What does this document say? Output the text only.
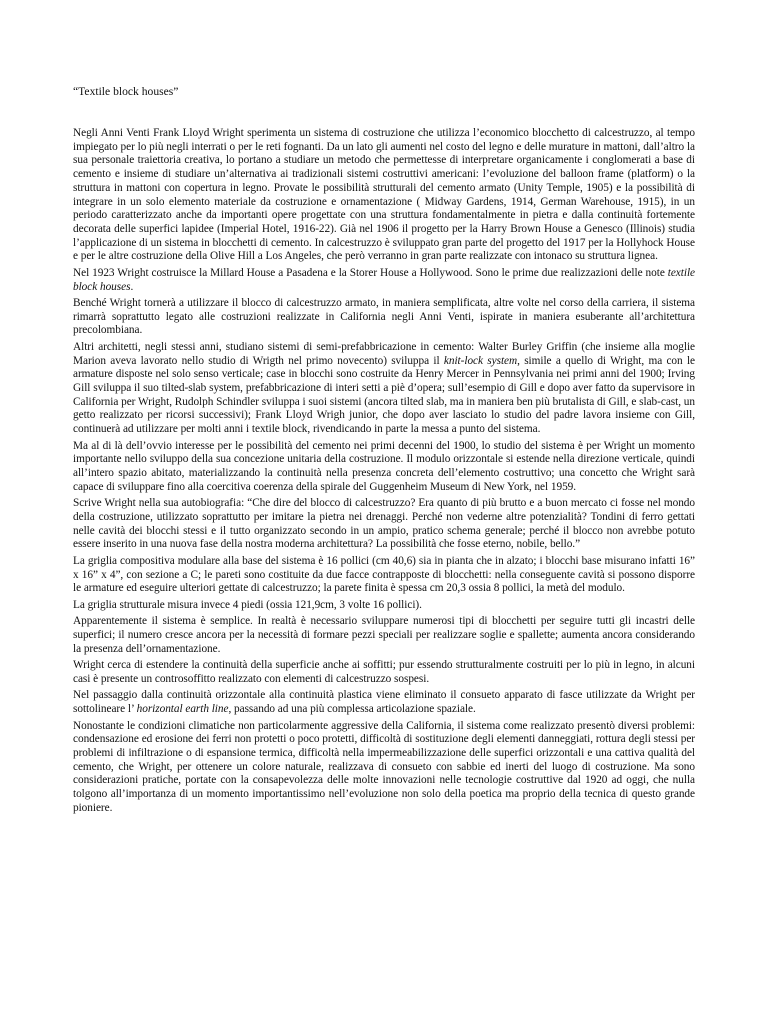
“Textile block houses”

Negli Anni Venti Frank Lloyd Wright sperimenta un sistema di costruzione che utilizza l’economico blocchetto di calcestruzzo, al tempo impiegato per lo più negli interrati o per le reti fognanti. Da un lato gli aumenti nel costo del legno e delle murature in mattoni, dall’altro la sua personale traiettoria creativa, lo portano a studiare un metodo che permettesse di interpretare organicamente i conglomerati a base di cemento e insieme di studiare un’alternativa ai tradizionali sistemi costruttivi americani: l’evoluzione del balloon frame (platform) o la struttura in mattoni con copertura in legno. Provate le possibilità strutturali del cemento armato (Unity Temple, 1905) e la possibilità di integrare in un solo elemento materiale da costruzione e ornamentazione ( Midway Gardens, 1914, German Warehouse, 1915), in un periodo caratterizzato anche da importanti opere progettate con una struttura fondamentalmente in pietra e dalla continuità fortemente decorata delle superfici lapidee (Imperial Hotel, 1916-22). Già nel 1906 il progetto per la Harry Brown House a Genesco (Illinois) studia l’applicazione di un sistema in blocchetti di cemento. In calcestruzzo è sviluppato gran parte del progetto del 1917 per la Hollyhock House e per le altre costruzione della Olive Hill a Los Angeles, che però verranno in gran parte realizzate con intonaco su struttura lignea.

Nel 1923 Wright costruisce la Millard House a Pasadena e la Storer House a Hollywood. Sono le prime due realizzazioni delle note textile block houses.

Benché Wright tornerà a utilizzare il blocco di calcestruzzo armato, in maniera semplificata, altre volte nel corso della carriera, il sistema rimarrà soprattutto legato alle costruzioni realizzate in California negli Anni Venti, ispirate in maniera esuberante all’architettura precolombiana.

Altri architetti, negli stessi anni, studiano sistemi di semi-prefabbricazione in cemento: Walter Burley Griffin (che insieme alla moglie Marion aveva lavorato nello studio di Wrigth nel primo novecento) sviluppa il knit-lock system, simile a quello di Wright, ma con le armature disposte nel solo senso verticale; case in blocchi sono costruite da Henry Mercer in Pennsylvania nei primi anni del 1900; Irving Gill sviluppa il suo tilted-slab system, prefabbricazione di interi setti a piè d’opera; sull’esempio di Gill e dopo aver fatto da supervisore in California per Wright, Rudolph Schindler sviluppa i suoi sistemi (ancora tilted slab, ma in maniera ben più brutalista di Gill, e slab-cast, un getto realizzato per ricorsi successivi); Frank Lloyd Wrigh junior, che dopo aver lasciato lo studio del padre lavora insieme con Gill, continuerà ad utilizzare per molti anni i textile block, rivendicando in parte la messa a punto del sistema.

Ma al di là dell’ovvio interesse per le possibilità del cemento nei primi decenni del 1900, lo studio del sistema è per Wright un momento importante nello sviluppo della sua concezione unitaria della costruzione. Il modulo orizzontale si estende nella direzione verticale, quindi all’intero spazio abitato, materializzando la continuità nella presenza concreta dell’elemento costruttivo; una concetto che Wright sarà capace di sviluppare fino alla coercitiva coerenza della spirale del Guggenheim Museum di New York, nel 1959.

Scrive Wright nella sua autobiografia: “Che dire del blocco di calcestruzzo? Era quanto di più brutto e a buon mercato ci fosse nel mondo della costruzione, utilizzato soprattutto per imitare la pietra nei drenaggi. Perché non vederne altre potenzialità? Tondini di ferro gettati nelle cavità dei blocchi stessi e il tutto organizzato secondo in un ampio, pratico schema generale; perché il blocco non avrebbe potuto essere inserito in una nuova fase della nostra moderna architettura? La possibilità che fosse eterno, nobile, bello.”

La griglia compositiva modulare alla base del sistema è 16 pollici (cm 40,6) sia in pianta che in alzato; i blocchi base misurano infatti 16” x 16” x 4”, con sezione a C; le pareti sono costituite da due facce contrapposte di blocchetti: nella conseguente cavità si possono disporre le armature ed eseguire ulteriori gettate di calcestruzzo; la parete finita è spessa cm 20,3 ossia 8 pollici, la metà del modulo.

La griglia strutturale misura invece 4 piedi (ossia 121,9cm, 3 volte 16 pollici).

Apparentemente il sistema è semplice. In realtà è necessario sviluppare numerosi tipi di blocchetti per seguire tutti gli incastri delle superfici; il numero cresce ancora per la necessità di formare pezzi speciali per realizzare soglie e spallette; aumenta ancora considerando la presenza dell’ornamentazione.

Wright cerca di estendere la continuità della superficie anche ai soffitti; pur essendo strutturalmente costruiti per lo più in legno, in alcuni casi è presente un controsoffitto realizzato con elementi di calcestruzzo sospesi.

Nel passaggio dalla continuità orizzontale alla continuità plastica viene eliminato il consueto apparato di fasce utilizzate da Wright per sottolineare l’ horizontal earth line, passando ad una più complessa articolazione spaziale.

Nonostante le condizioni climatiche non particolarmente aggressive della California, il sistema come realizzato presentò diversi problemi: condensazione ed erosione dei ferri non protetti o poco protetti, difficoltà di sostituzione degli elementi danneggiati, rottura degli stessi per problemi di infiltrazione o di espansione termica, difficoltà nella impermeabilizzazione delle superfici orizzontali e una cattiva qualità del cemento, che Wright, per ottenere un colore naturale, realizzava di consueto con sabbie ed inerti del luogo di costruzione. Ma sono considerazioni pratiche, portate con la consapevolezza delle molte innovazioni nelle tecnologie costruttive dal 1920 ad oggi, che nulla tolgono all’importanza di un momento importantissimo nell’evoluzione non solo della poetica ma proprio della tecnica di questo grande pioniere.
